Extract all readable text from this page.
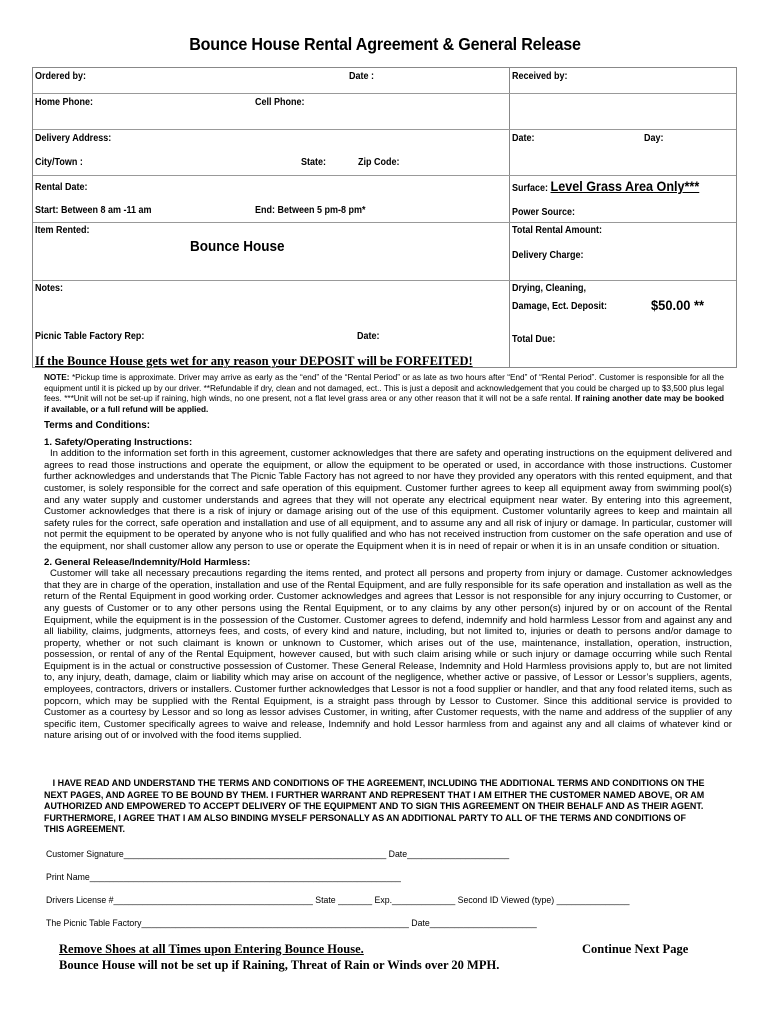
Bounce House Rental Agreement & General Release
Ordered by:	Date :	Received by:
Home Phone:	Cell Phone:
Delivery Address:	Date:	Day:
City/Town :	State:	Zip Code:
Rental Date:	Surface: Level Grass Area Only***
Start: Between 8 am -11 am	End: Between 5 pm-8 pm*	Power Source:
Item Rented:
Bounce House
Total Rental Amount:
Delivery Charge:
Notes:	Drying, Cleaning,
Damage, Ect. Deposit:	$50.00 **
Picnic Table Factory Rep:	Date:	Total Due:
If the Bounce House gets wet for any reason your DEPOSIT will be FORFEITED!
NOTE: *Pickup time is approximate. Driver may arrive as early as the “end” of the “Rental Period” or as late as two hours after “End” of “Rental Period”. Customer is responsible for all the equipment until it is picked up by our driver. **Refundable if dry, clean and not damaged, ect.. This is just a deposit and acknowledgement that you could be charged up to $3,500 plus legal fees. ***Unit will not be set-up if raining, high winds, no one present, not a flat level grass area or any other reason that it will not be a safe rental. If raining another date may be booked if available, or a full refund will be applied.
Terms and Conditions:
1. Safety/Operating Instructions:

In addition to the information set forth in this agreement, customer acknowledges that there are safety and operating instructions on the equipment delivered and agrees to read those instructions and operate the equipment, or allow the equipment to be operated or used, in accordance with those instructions. Customer further acknowledges and understands that The Picnic Table Factory has not agreed to nor have they provided any operators with this rented equipment, and that customer, is solely responsible for the correct and safe operation of this equipment. Customer further agrees to keep all equipment away from swimming pool(s) and any water supply and customer understands and agrees that they will not operate any electrical equipment near water. By entering into this agreement, Customer acknowledges that there is a risk of injury or damage arising out of the use of this equipment. Customer voluntarily agrees to keep and maintain all safety rules for the correct, safe operation and installation and use of all equipment, and to assume any and all risk of injury or damage. In particular, customer will not permit the equipment to be operated by anyone who is not fully qualified and who has not received instruction from customer on the safe operation and use of the equipment, nor shall customer allow any person to use or operate the Equipment when it is in need of repair or when it is in an unsafe condition or situation.

2. General Release/Indemnity/Hold Harmless:

Customer will take all necessary precautions regarding the items rented, and protect all persons and property from injury or damage. Customer acknowledges that they are in charge of the operation, installation and use of the Rental Equipment, and are fully responsible for its safe operation and installation as well as the return of the Rental Equipment in good working order. Customer acknowledges and agrees that Lessor is not responsible for any injury occurring to Customer, or any guests of Customer or to any other persons using the Rental Equipment, or to any claims by any other person(s) injured by or on account of the Rental Equipment, while the equipment is in the possession of the Customer. Customer agrees to defend, indemnify and hold harmless Lessor from and against any and all liability, claims, judgments, attorneys fees, and costs, of every kind and nature, including, but not limited to, injuries or death to persons and/or damage to property, whether or not such claimant is known or unknown to Customer, which arises out of the use, maintenance, installation, operation, instruction, possession, or rental of any of the Rental Equipment, however caused, but with such claim arising while or such injury or damage occurring while such Rental Equipment is in the actual or constructive possession of Customer. These General Release, Indemnity and Hold Harmless provisions apply to, but are not limited to, any injury, death, damage, claim or liability which may arise on account of the negligence, whether active or passive, of Lessor or Lessor’s suppliers, agents, employees, contractors, drivers or installers. Customer further acknowledges that Lessor is not a food supplier or handler, and that any food related items, such as popcorn, which may be supplied with the Rental Equipment, is a straight pass through by Lessor to Customer. Since this additional service is provided to Customer as a courtesy by Lessor and so long as lessor advises Customer, in writing, after Customer requests, with the name and address of the supplier of any specific item, Customer specifically agrees to waive and release, Indemnify and hold Lessor harmless from and against any and all claims of whatever kind or nature arising out of or involved with the food items supplied.

I HAVE READ AND UNDERSTAND THE TERMS AND CONDITIONS OF THE AGREEMENT, INCLUDING THE ADDITIONAL TERMS AND CONDITIONS ON THE NEXT PAGES, AND AGREE TO BE BOUND BY THEM. I FURTHER WARRANT AND REPRESENT THAT I AM EITHER THE CUSTOMER NAMED ABOVE, OR AM AUTHORIZED AND EMPOWERED TO ACCEPT DELIVERY OF THE EQUIPMENT AND TO SIGN THIS AGREEMENT ON THEIR BEHALF AND AS THEIR AGENT. FURTHERMORE, I AGREE THAT I AM ALSO BINDING MYSELF PERSONALLY AS AN ADDITIONAL PARTY TO ALL OF THE TERMS AND CONDITIONS OF THIS AGREEMENT.
Customer Signature______________________________________________________ Date_____________________
Print Name________________________________________________________________
Drivers License #_________________________________________ State _______ Exp._____________ Second ID Viewed (type) _______________
The Picnic Table Factory_______________________________________________________ Date______________________
Remove Shoes at all Times upon Entering Bounce House.	Continue Next Page
Bounce House will not be set up if Raining, Threat of Rain or Winds over 20 MPH.
